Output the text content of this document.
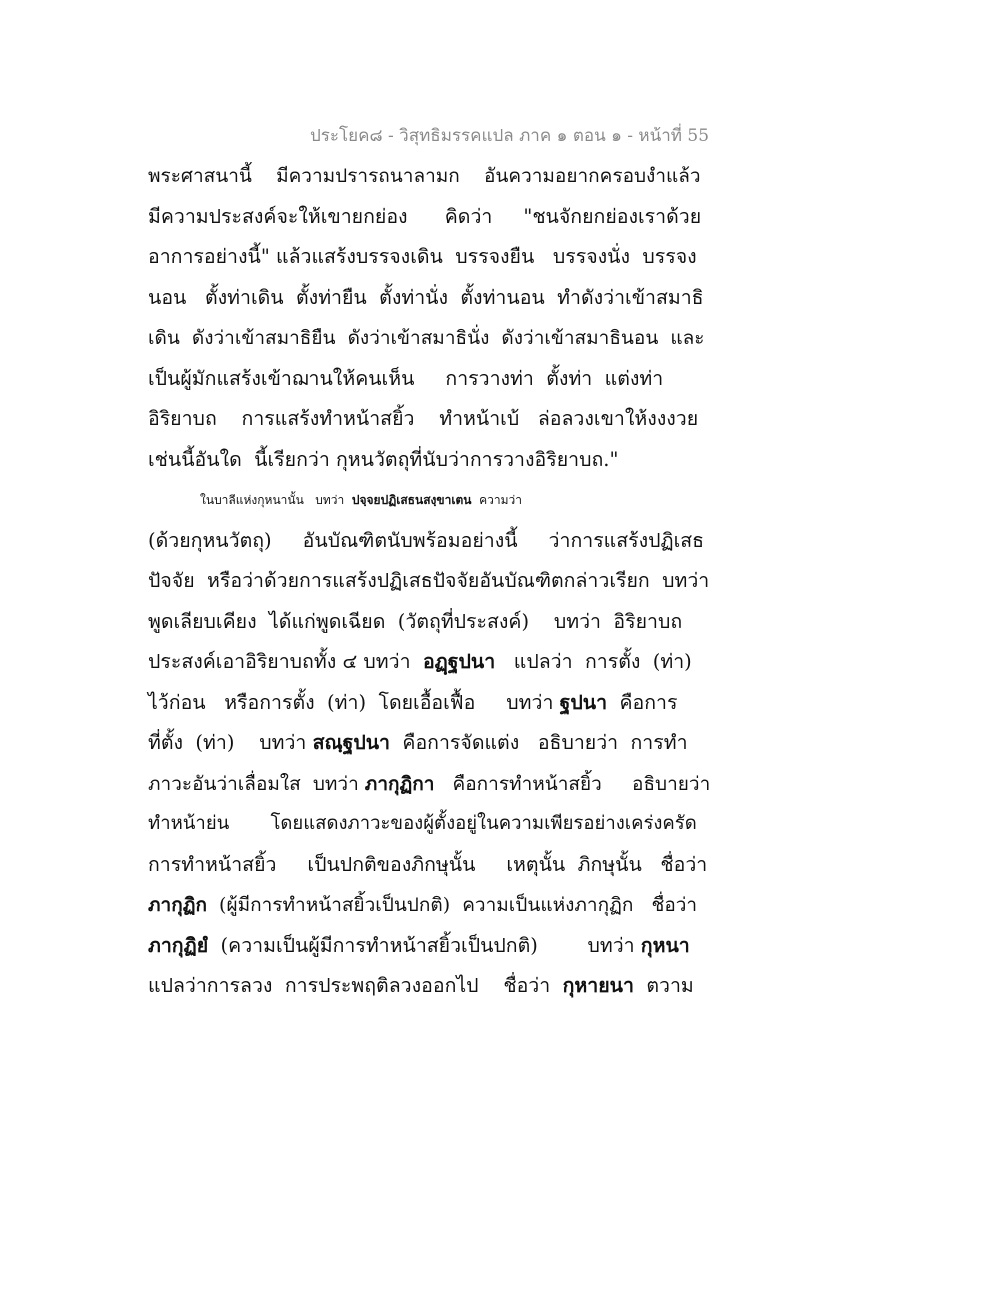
ประโยค๘ - วิสุทธิมรรคแปล ภาค ๑ ตอน ๑ - หน้าที่ 55
พระศาสนานี้    มีความปรารถนาลามก    อันความอยากครอบงำแล้ว
มีความประสงค์จะให้เขายกย่อง      คิดว่า     "ชนจักยกย่องเราด้วย
อาการอย่างนี้" แล้วแสร้งบรรจงเดิน  บรรจงยืน   บรรจงนั่ง  บรรจง
นอน   ตั้งท่าเดิน  ตั้งท่ายืน  ตั้งท่านั่ง  ตั้งท่านอน  ทำดังว่าเข้าสมาธิ
เดิน  ดังว่าเข้าสมาธิยืน  ดังว่าเข้าสมาธินั่ง  ดังว่าเข้าสมาธินอน  และ
เป็นผู้มักแสร้งเข้าฌานให้คนเห็น     การวางท่า  ตั้งท่า  แต่งท่า
อิริยาบถ    การแสร้งทำหน้าสยิ้ว    ทำหน้าเบ้   ล่อลวงเขาให้งงงวย
เช่นนี้อันใด  นี้เรียกว่า กุหนวัตถุที่นับว่าการวางอิริยาบถ."
ในบาลีแห่งกุหนานั้น   บทว่า  ปจฺจยปฏิเสธนสงฺขาเตน  ความว่า
(ด้วยกุหนวัตถุ)     อันบัณฑิตนับพร้อมอย่างนี้     ว่าการแสร้งปฏิเสธ
ปัจจัย  หรือว่าด้วยการแสร้งปฏิเสธปัจจัยอันบัณฑิตกล่าวเรียก  บทว่า
พูดเลียบเคียง  ได้แก่พูดเฉียด  (วัตถุที่ประสงค์)    บทว่า  อิริยาบถ
ประสงค์เอาอิริยาบถทั้ง ๔ บทว่า  อฏฺฐปนา   แปลว่า  การตั้ง  (ท่า)
ไว้ก่อน   หรือการตั้ง  (ท่า)  โดยเอื้อเฟื้อ     บทว่า ฐปนา  คือการ
ที่ตั้ง  (ท่า)    บทว่า สณฺฐปนา  คือการจัดแต่ง   อธิบายว่า  การทำ
ภาวะอันว่าเลื่อมใส  บทว่า ภากุฏิกา   คือการทำหน้าสยิ้ว     อธิบายว่า
ทำหน้าย่น       โดยแสดงภาวะของผู้ตั้งอยู่ในความเพียรอย่างเคร่งครัด
การทำหน้าสยิ้ว     เป็นปกติของภิกษุนั้น     เหตุนั้น  ภิกษุนั้น   ชื่อว่า
ภากุฏิก  (ผู้มีการทำหน้าสยิ้วเป็นปกติ)  ความเป็นแห่งภากุฏิก   ชื่อว่า
ภากุฏิยํ  (ความเป็นผู้มีการทำหน้าสยิ้วเป็นปกติ)        บทว่า กุหนา
แปลว่าการลวง  การประพฤติลวงออกไป    ชื่อว่า  กุหายนา  ตวาม
